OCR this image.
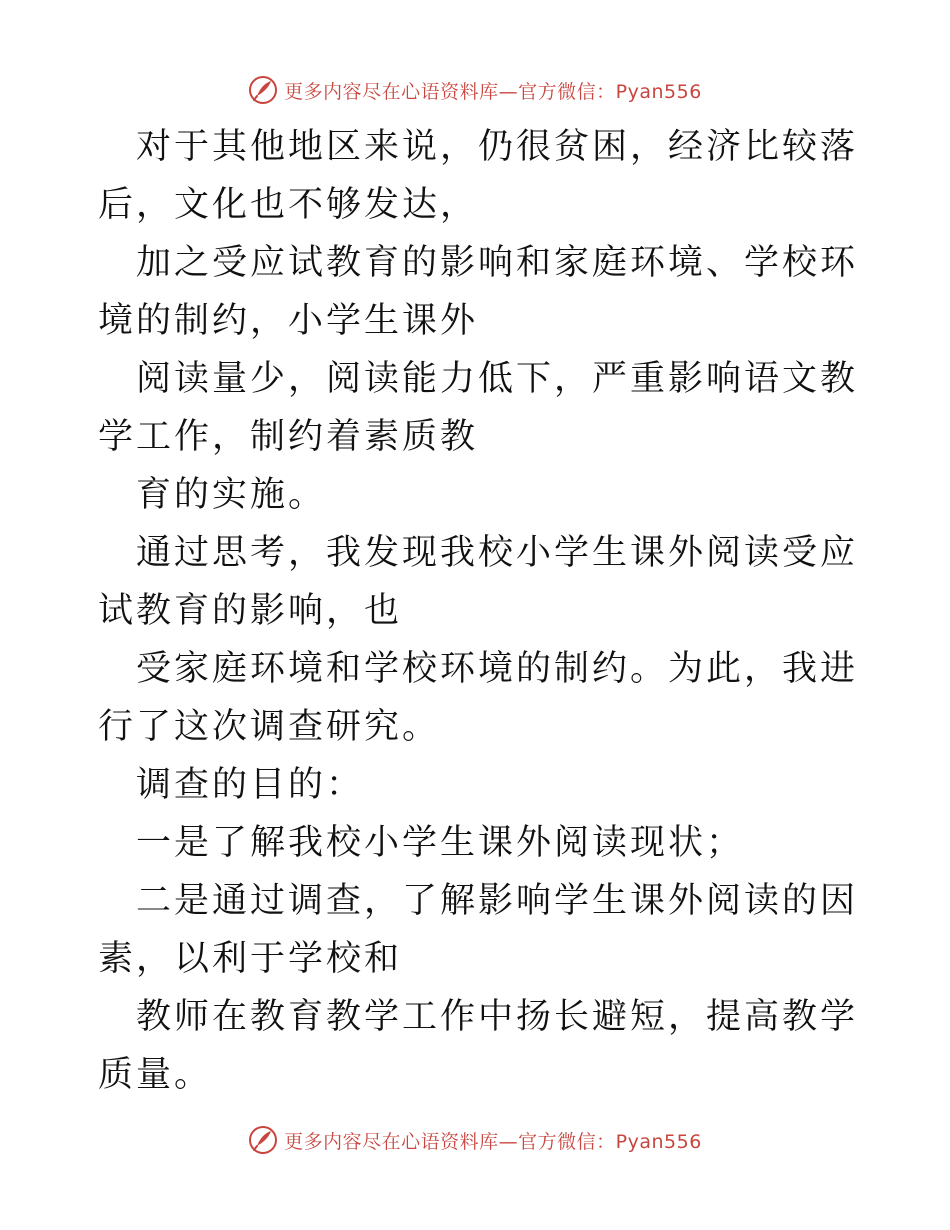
更多内容尽在心语资料库—官方微信：Pyan556

对于其他地区来说，仍很贫困，经济比较落后，文化也不够发达，

加之受应试教育的影响和家庭环境、学校环境的制约，小学生课外

阅读量少，阅读能力低下，严重影响语文教学工作，制约着素质教

育的实施。

通过思考，我发现我校小学生课外阅读受应试教育的影响，也

受家庭环境和学校环境的制约。为此，我进行了这次调查研究。

调查的目的：

一是了解我校小学生课外阅读现状；

二是通过调查，了解影响学生课外阅读的因素，以利于学校和

教师在教育教学工作中扬长避短，提高教学质量。

更多内容尽在心语资料库—官方微信：Pyan556
